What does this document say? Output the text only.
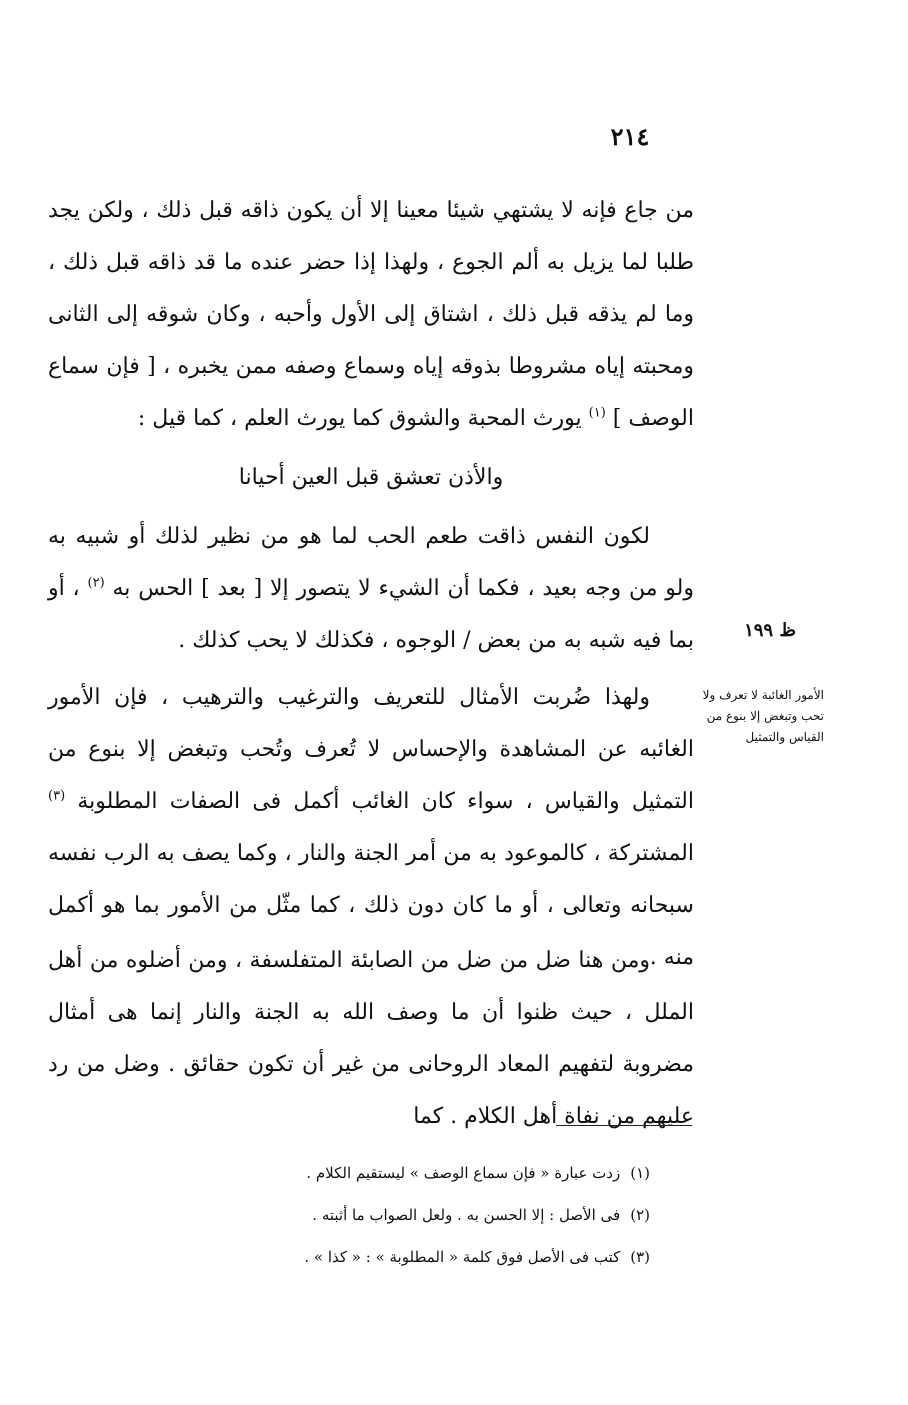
٢١٤

من جاع فإنه لا يشتهي شيئا معينا إلا أن يكون ذاقه قبل ذلك ، ولكن يجد طلبا لما يزيل به ألم الجوع ، ولهذا إذا حضر عنده ما قد ذاقه قبل ذلك ، وما لم يذقه قبل ذلك ، اشتاق إلى الأول وأحبه ، وكان شوقه إلى الثانى ومحبته إياه مشروطا بذوقه إياه وسماع وصفه ممن يخبره ، [ فإن سماع الوصف ] $^{(١)}$ يورث المحبة والشوق كما يورث العلم ، كما قيل :

والأذن تعشق قبل العين أحيانا

لكون النفس ذاقت طعم الحب لما هو من نظير لذلك أو شبيه به ولو من وجه بعيد ، فكما أن الشيء لا يتصور إلا [ بعد ] الحس به $^{(٢)}$ ، أو بما فيه شبه به من بعض / الوجوه ، فكذلك لا يحب كذلك .	ظ ١٩٩
الأمور الغائبة لا تعرف ولا تحب وتبغض إلا بنوع من القياس والتمثيل

ولهذا ضُربت الأمثال للتعريف والترغيب والترهيب ، فإن الأمور الغائبه عن المشاهدة والإحساس لا تُعرف وتُحب وتبغض إلا بنوع من التمثيل والقياس ، سواء كان الغائب أكمل فى الصفات المطلوبة $^{(٣)}$ المشتركة ، كالموعود به من أمر الجنة والنار ، وكما يصف به الرب نفسه سبحانه وتعالى ، أو ما كان دون ذلك ، كما مثّل من الأمور بما هو أكمل منه .

ومن هنا ضل من ضل من الصابئة المتفلسفة ، ومن أضلوه من أهل الملل ، حيث ظنوا أن ما وصف الله به الجنة والنار إنما هى أمثال مضروبة لتفهيم المعاد الروحانى من غير أن تكون حقائق . وضل من رد عليهم من نفاة أهل الكلام . كما

(١)زدت عبارة « فإن سماع الوصف » ليستقيم الكلام .
(٢)فى الأصل : إلا الحسن به . ولعل الصواب ما أثبته .
(٣)كتب فى الأصل فوق كلمة « المطلوبة » : « كذا » .
